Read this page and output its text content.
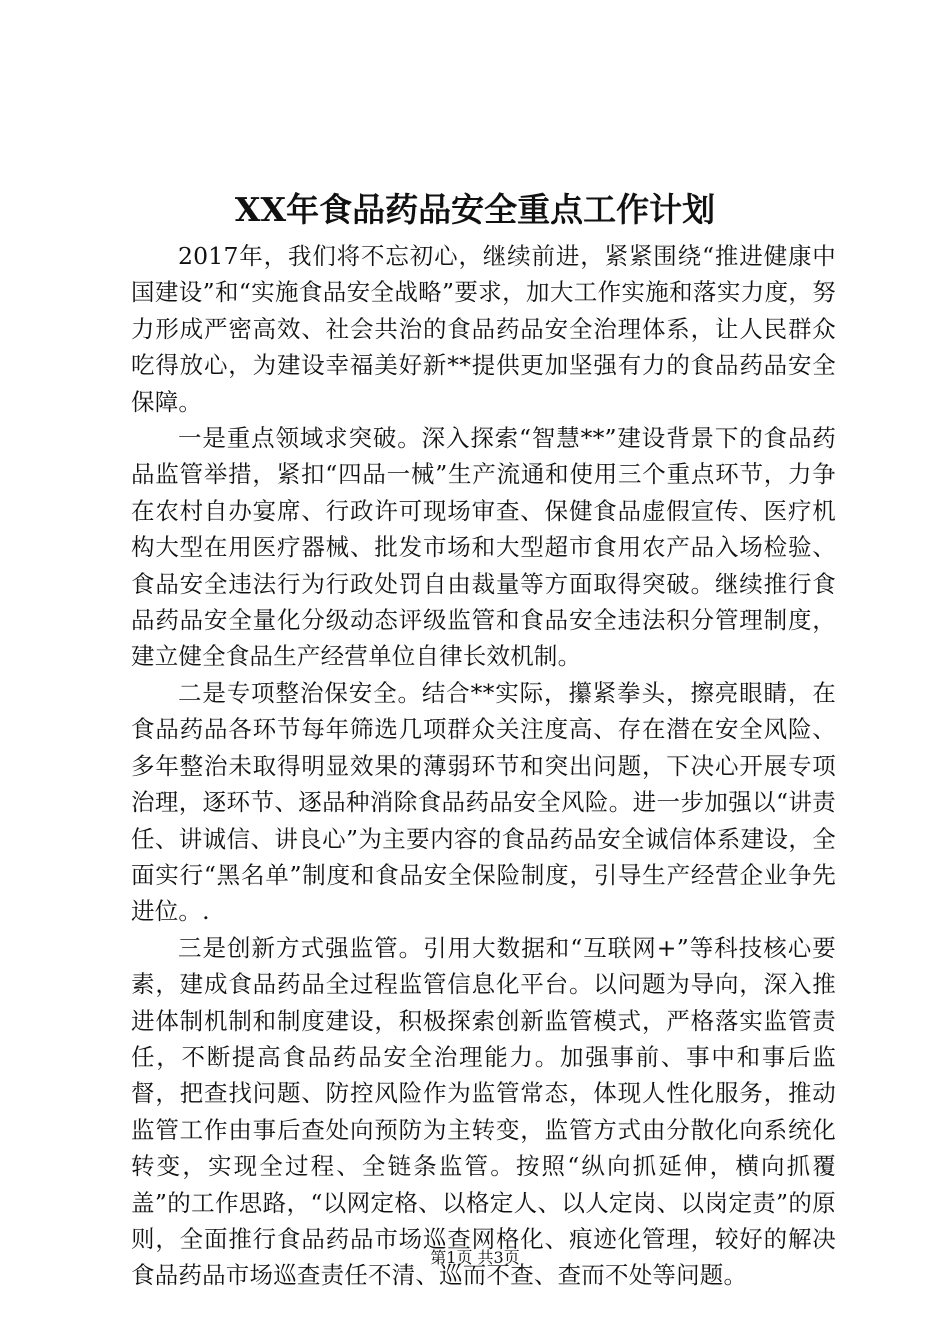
XX年食品药品安全重点工作计划

2017年，我们将不忘初心，继续前进，紧紧围绕“推进健康中国建设”和“实施食品安全战略”要求，加大工作实施和落实力度，努力形成严密高效、社会共治的食品药品安全治理体系，让人民群众吃得放心，为建设幸福美好新**提供更加坚强有力的食品药品安全保障。

一是重点领域求突破。深入探索“智慧**”建设背景下的食品药品监管举措，紧扣“四品一械”生产流通和使用三个重点环节，力争在农村自办宴席、行政许可现场审查、保健食品虚假宣传、医疗机构大型在用医疗器械、批发市场和大型超市食用农产品入场检验、食品安全违法行为行政处罚自由裁量等方面取得突破。继续推行食品药品安全量化分级动态评级监管和食品安全违法积分管理制度，建立健全食品生产经营单位自律长效机制。

二是专项整治保安全。结合**实际，攥紧拳头，擦亮眼睛，在食品药品各环节每年筛选几项群众关注度高、存在潜在安全风险、多年整治未取得明显效果的薄弱环节和突出问题，下决心开展专项治理，逐环节、逐品种消除食品药品安全风险。进一步加强以“讲责任、讲诚信、讲良心”为主要内容的食品药品安全诚信体系建设，全面实行“黑名单”制度和食品安全保险制度，引导生产经营企业争先进位。.

三是创新方式强监管。引用大数据和“互联网+”等科技核心要素，建成食品药品全过程监管信息化平台。以问题为导向，深入推进体制机制和制度建设，积极探索创新监管模式，严格落实监管责任，不断提高食品药品安全治理能力。加强事前、事中和事后监督，把查找问题、防控风险作为监管常态，体现人性化服务，推动监管工作由事后查处向预防为主转变，监管方式由分散化向系统化转变，实现全过程、全链条监管。按照“纵向抓延伸，横向抓覆盖”的工作思路，“以网定格、以格定人、以人定岗、以岗定责”的原则，全面推行食品药品市场巡查网格化、痕迹化管理，较好的解决食品药品市场巡查责任不清、巡而不查、查而不处等问题。

第1页 共3页
